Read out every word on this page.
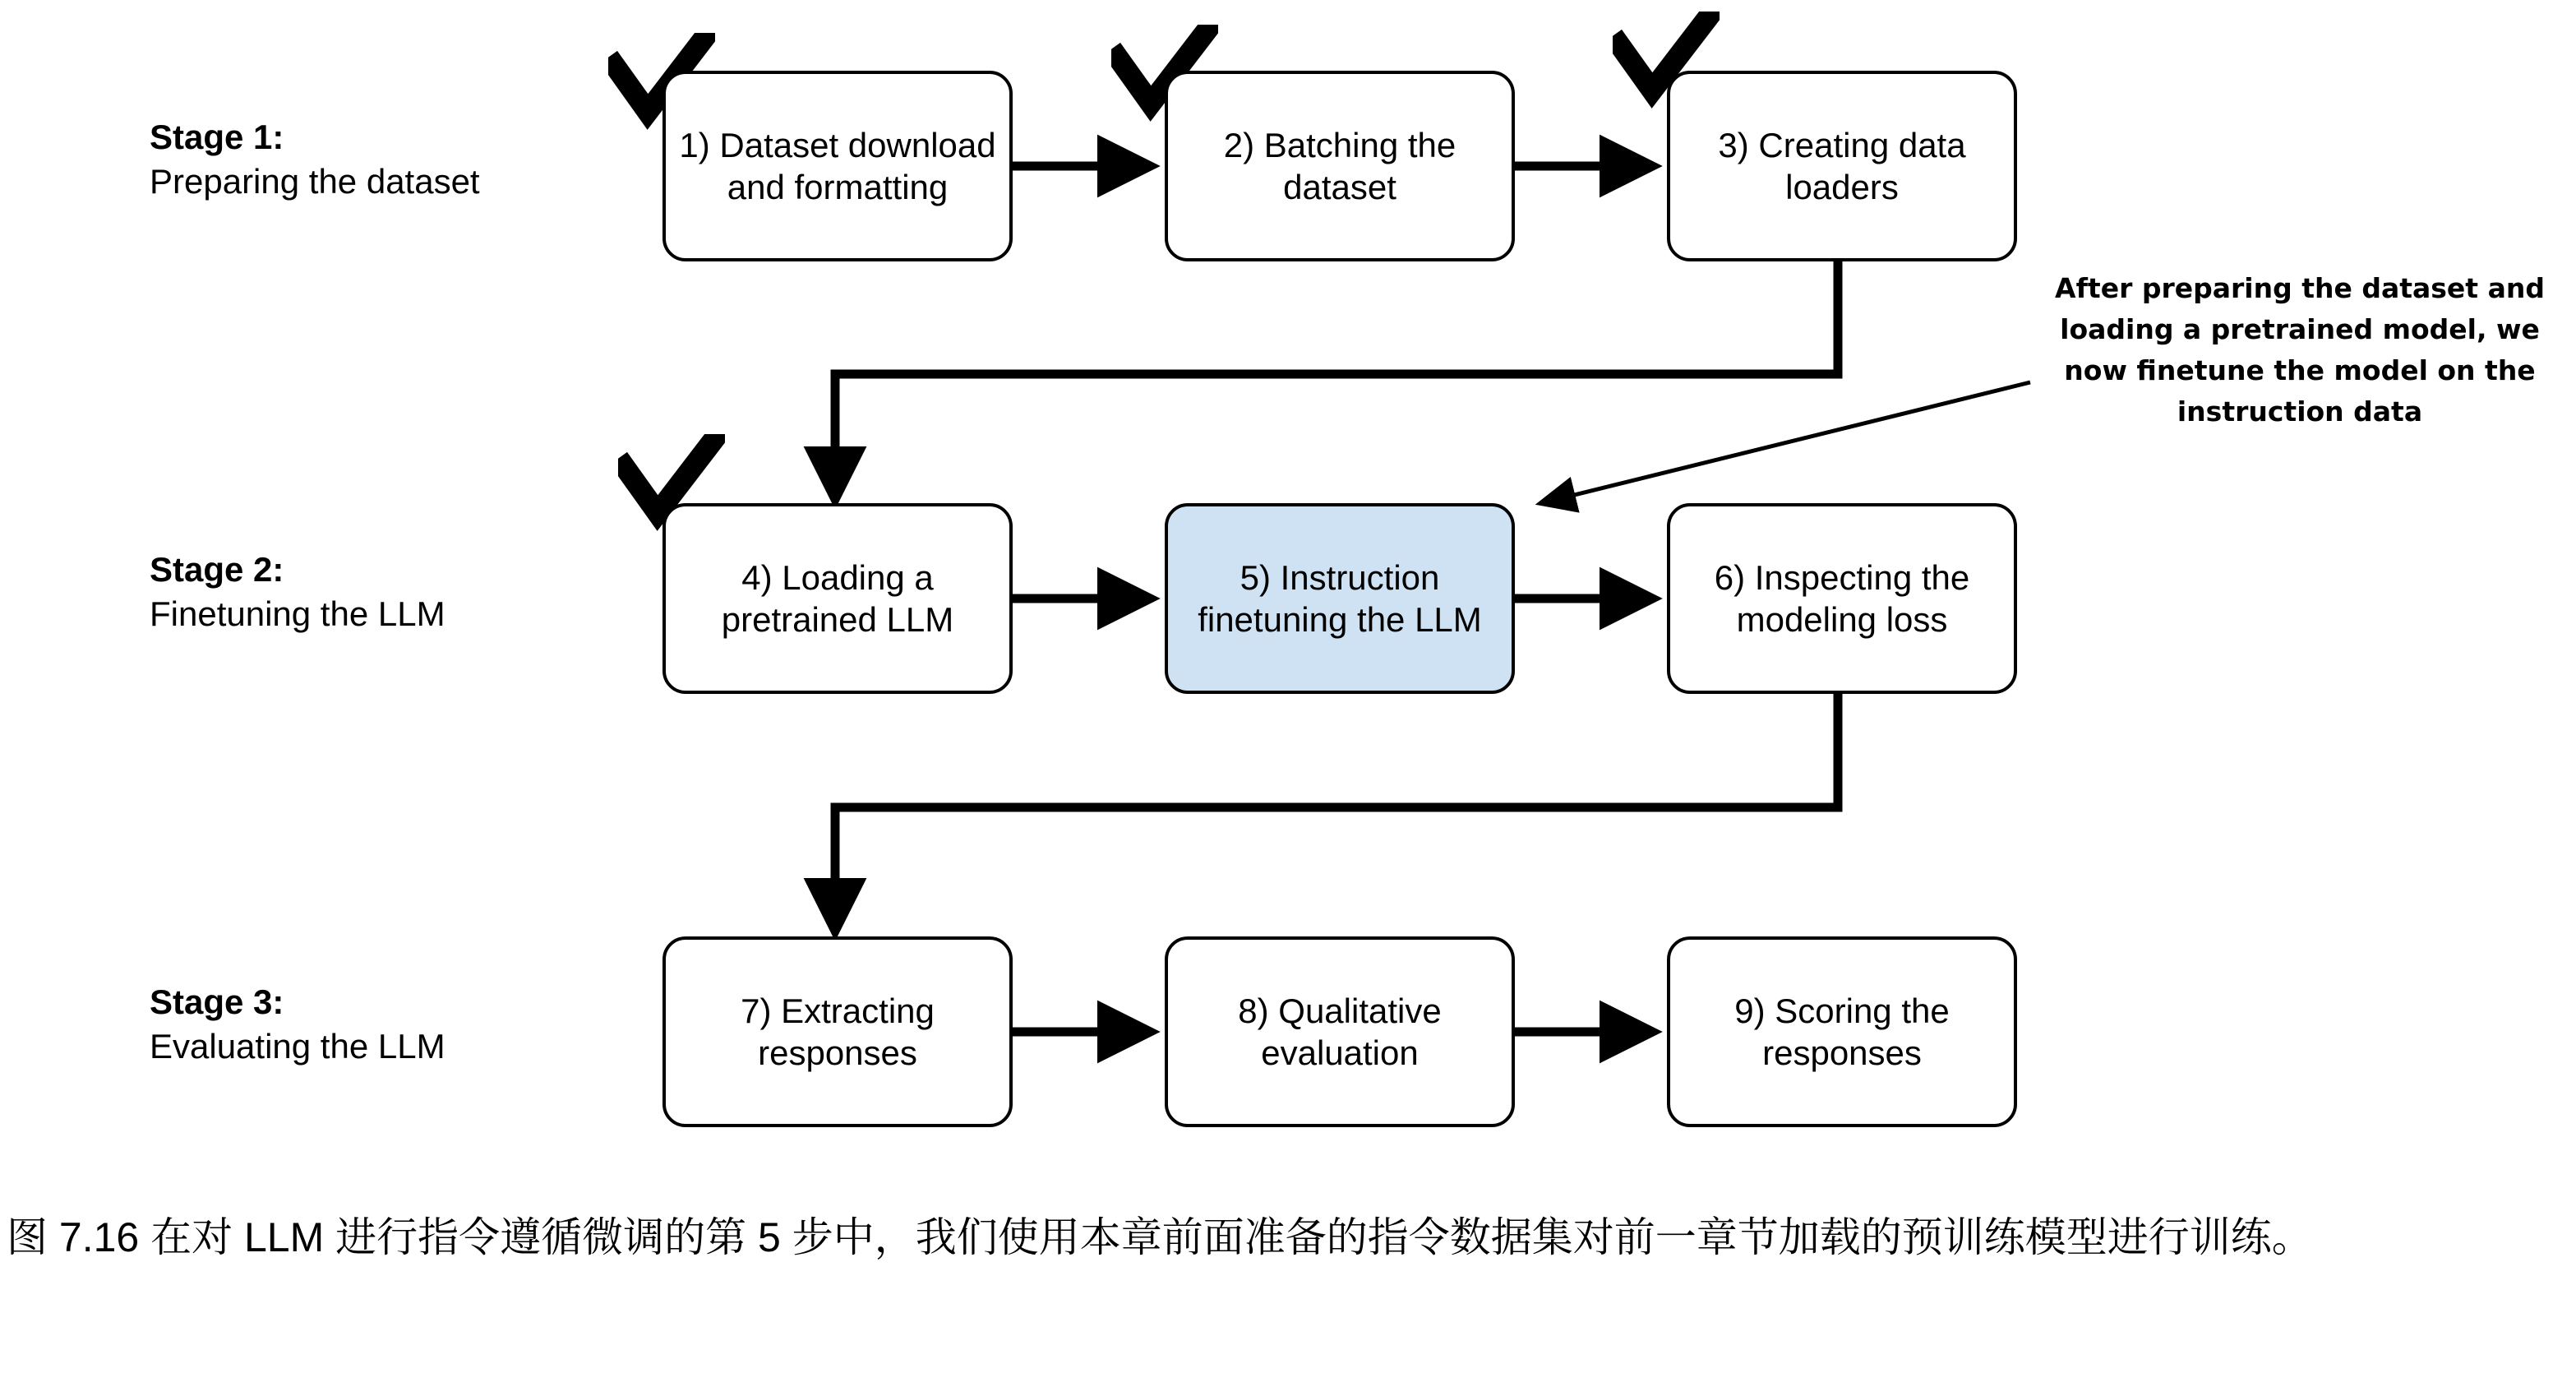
Stage 1:
Preparing the dataset
Stage 2:
Finetuning the LLM
Stage 3:
Evaluating the LLM
1) Dataset download and formatting
2) Batching the dataset
3) Creating data loaders
4) Loading a pretrained LLM
5) Instruction finetuning the LLM
6) Inspecting the modeling loss
7) Extracting responses
8) Qualitative evaluation
9) Scoring the responses
After preparing the dataset and loading a pretrained model, we now finetune the model on the instruction data
图 7.16 在对 LLM 进行指令遵循微调的第 5 步中，我们使用本章前面准备的指令数据集对前一章节加载的预训练模型进行训练。
